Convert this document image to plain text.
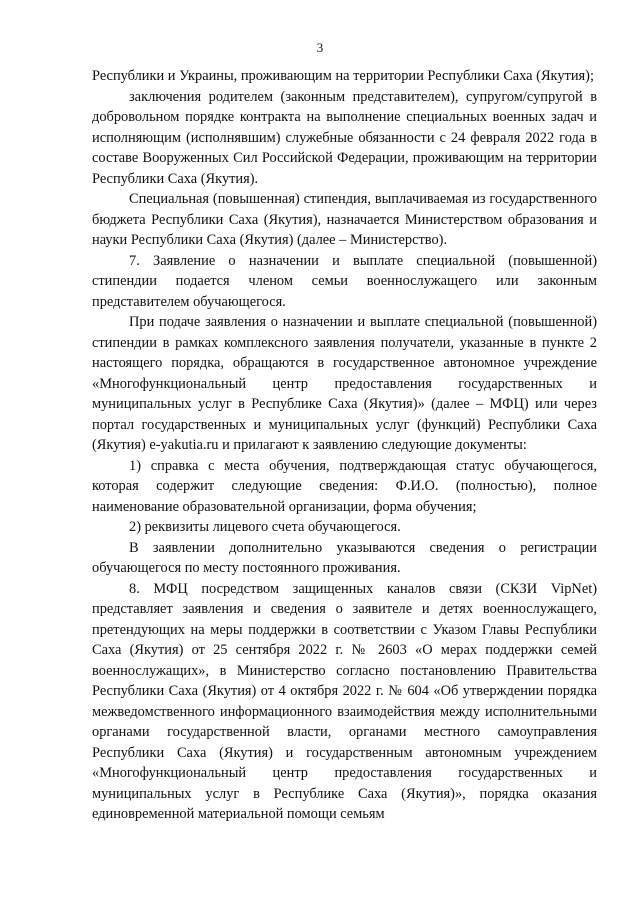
3

Республики и Украины, проживающим на территории Республики Саха (Якутия);

заключения родителем (законным представителем), супругом/супругой в добровольном порядке контракта на выполнение специальных военных задач и исполняющим (исполнявшим) служебные обязанности с 24 февраля 2022 года в составе Вооруженных Сил Российской Федерации, проживающим на территории Республики Саха (Якутия).

Специальная (повышенная) стипендия, выплачиваемая из государственного бюджета Республики Саха (Якутия), назначается Министерством образования и науки Республики Саха (Якутия) (далее – Министерство).

7. Заявление о назначении и выплате специальной (повышенной) стипендии подается членом семьи военнослужащего или законным представителем обучающегося.

При подаче заявления о назначении и выплате специальной (повышенной) стипендии в рамках комплексного заявления получатели, указанные в пункте 2 настоящего порядка, обращаются в государственное автономное учреждение «Многофункциональный центр предоставления государственных и муниципальных услуг в Республике Саха (Якутия)» (далее – МФЦ) или через портал государственных и муниципальных услуг (функций) Республики Саха (Якутия) e-yakutia.ru и прилагают к заявлению следующие документы:

1) справка с места обучения, подтверждающая статус обучающегося, которая содержит следующие сведения: Ф.И.О. (полностью), полное наименование образовательной организации, форма обучения;

2) реквизиты лицевого счета обучающегося.

В заявлении дополнительно указываются сведения о регистрации обучающегося по месту постоянного проживания.

8. МФЦ посредством защищенных каналов связи (СКЗИ VipNet) представляет заявления и сведения о заявителе и детях военнослужащего, претендующих на меры поддержки в соответствии с Указом Главы Республики Саха (Якутия) от 25 сентября 2022 г. № 2603 «О мерах поддержки семей военнослужащих», в Министерство согласно постановлению Правительства Республики Саха (Якутия) от 4 октября 2022 г. № 604 «Об утверждении порядка межведомственного информационного взаимодействия между исполнительными органами государственной власти, органами местного самоуправления Республики Саха (Якутия) и государственным автономным учреждением «Многофункциональный центр предоставления государственных и муниципальных услуг в Республике Саха (Якутия)», порядка оказания единовременной материальной помощи семьям
